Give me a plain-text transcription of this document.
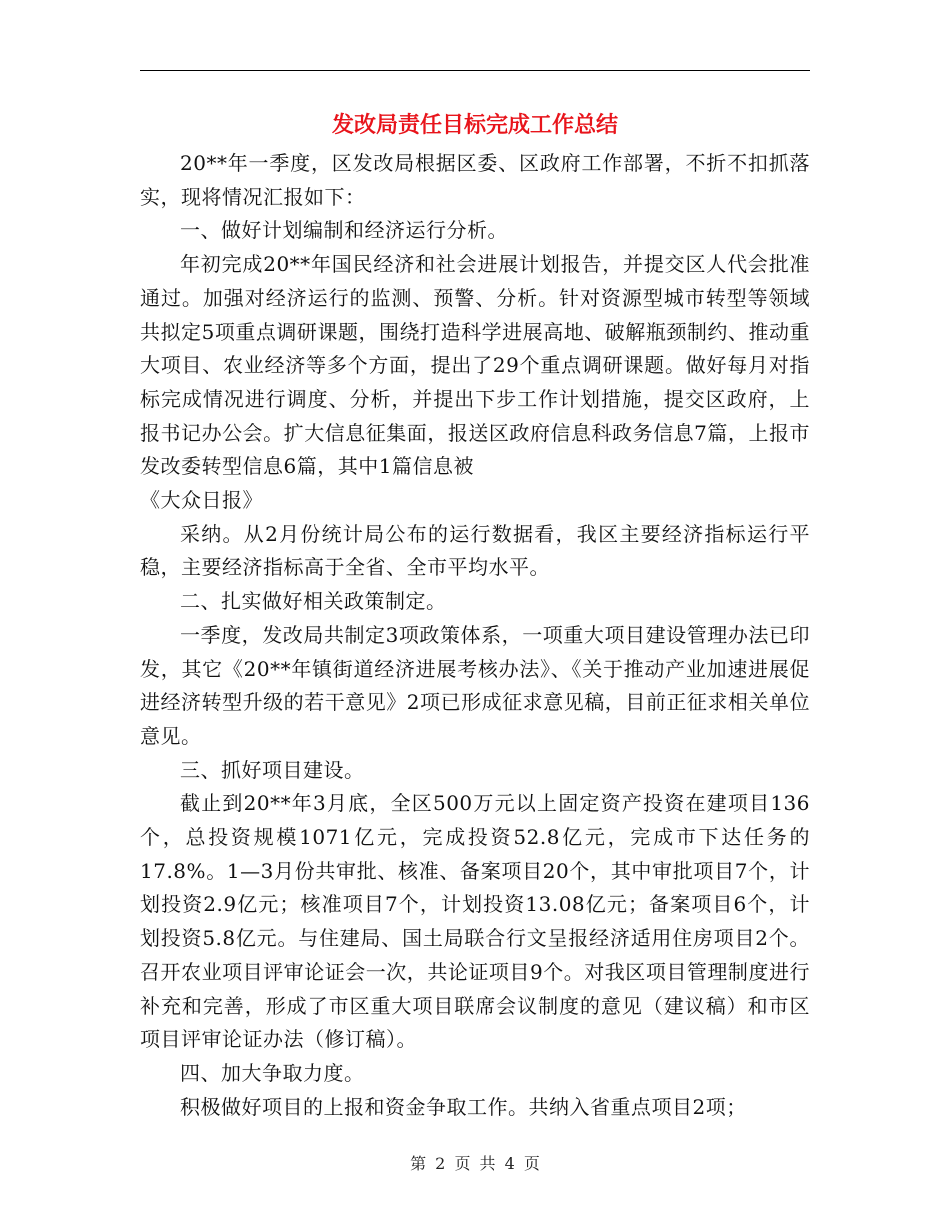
发改局责任目标完成工作总结

20**年一季度，区发改局根据区委、区政府工作部署，不折不扣抓落实，现将情况汇报如下：

一、做好计划编制和经济运行分析。

年初完成20**年国民经济和社会进展计划报告，并提交区人代会批准通过。加强对经济运行的监测、预警、分析。针对资源型城市转型等领域共拟定5项重点调研课题，围绕打造科学进展高地、破解瓶颈制约、推动重大项目、农业经济等多个方面，提出了29个重点调研课题。做好每月对指标完成情况进行调度、分析，并提出下步工作计划措施，提交区政府，上报书记办公会。扩大信息征集面，报送区政府信息科政务信息7篇，上报市发改委转型信息6篇，其中1篇信息被

《大众日报》

采纳。从2月份统计局公布的运行数据看，我区主要经济指标运行平稳，主要经济指标高于全省、全市平均水平。

二、扎实做好相关政策制定。

一季度，发改局共制定3项政策体系，一项重大项目建设管理办法已印发，其它《20**年镇街道经济进展考核办法》、《关于推动产业加速进展促进经济转型升级的若干意见》2项已形成征求意见稿，目前正征求相关单位意见。

三、抓好项目建设。

截止到20**年3月底，全区500万元以上固定资产投资在建项目136个，总投资规模1071亿元，完成投资52.8亿元，完成市下达任务的17.8%。1—3月份共审批、核准、备案项目20个，其中审批项目7个，计划投资2.9亿元；核准项目7个，计划投资13.08亿元；备案项目6个，计划投资5.8亿元。与住建局、国土局联合行文呈报经济适用住房项目2个。召开农业项目评审论证会一次，共论证项目9个。对我区项目管理制度进行补充和完善，形成了市区重大项目联席会议制度的意见（建议稿）和市区项目评审论证办法（修订稿）。

四、加大争取力度。

积极做好项目的上报和资金争取工作。共纳入省重点项目2项；

第 2 页 共 4 页
